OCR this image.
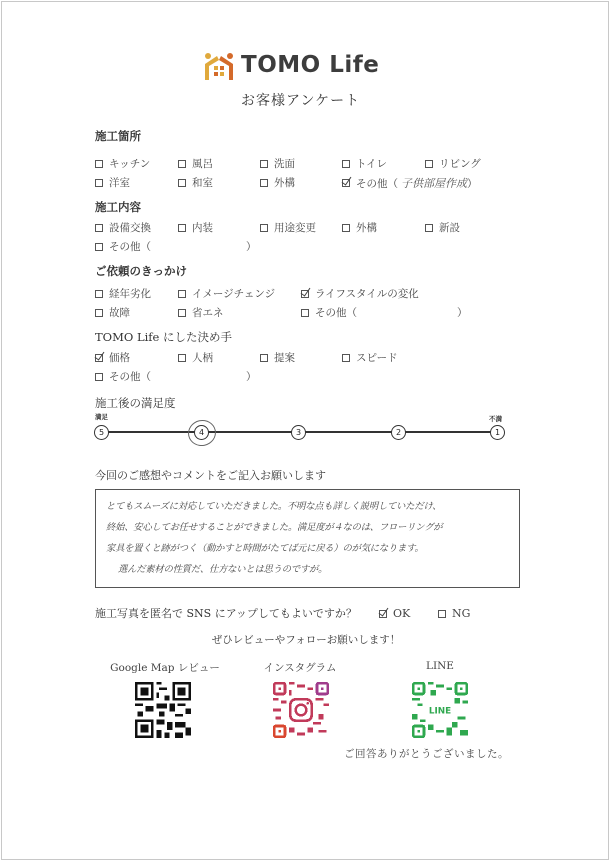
TOMO Life
お客様アンケート
施工箇所
キッチン	風呂	洗面	トイレ	リビング
洋室	和室	外構	その他（ 子供部屋作成 ）
施工内容
設備交換	内装	用途変更	外構	新設
その他（	）
ご依頼のきっかけ
経年劣化	イメージチェンジ	ライフスタイルの変化
故障	省エネ	その他（	）
TOMO Life にした決め手
価格	人柄	提案	スピード
その他（	）
施工後の満足度
満足	不満
5	4	3	2	1
今回のご感想やコメントをご記入お願いします
とてもスムーズに対応していただきました。不明な点も詳しく説明していただけ、
終始、安心してお任せすることができました。満足度が４なのは、フローリングが
家具を置くと跡がつく（動かすと時間がたてば元に戻る）のが気になります。
選んだ素材の性質だ、仕方ないとは思うのですが。
施工写真を匿名で SNS にアップしてもよいですか？	OK	NG
ぜひレビューやフォローお願いします！
Google Map レビュー	インスタグラム	LINE
LINE
ご回答ありがとうございました。
